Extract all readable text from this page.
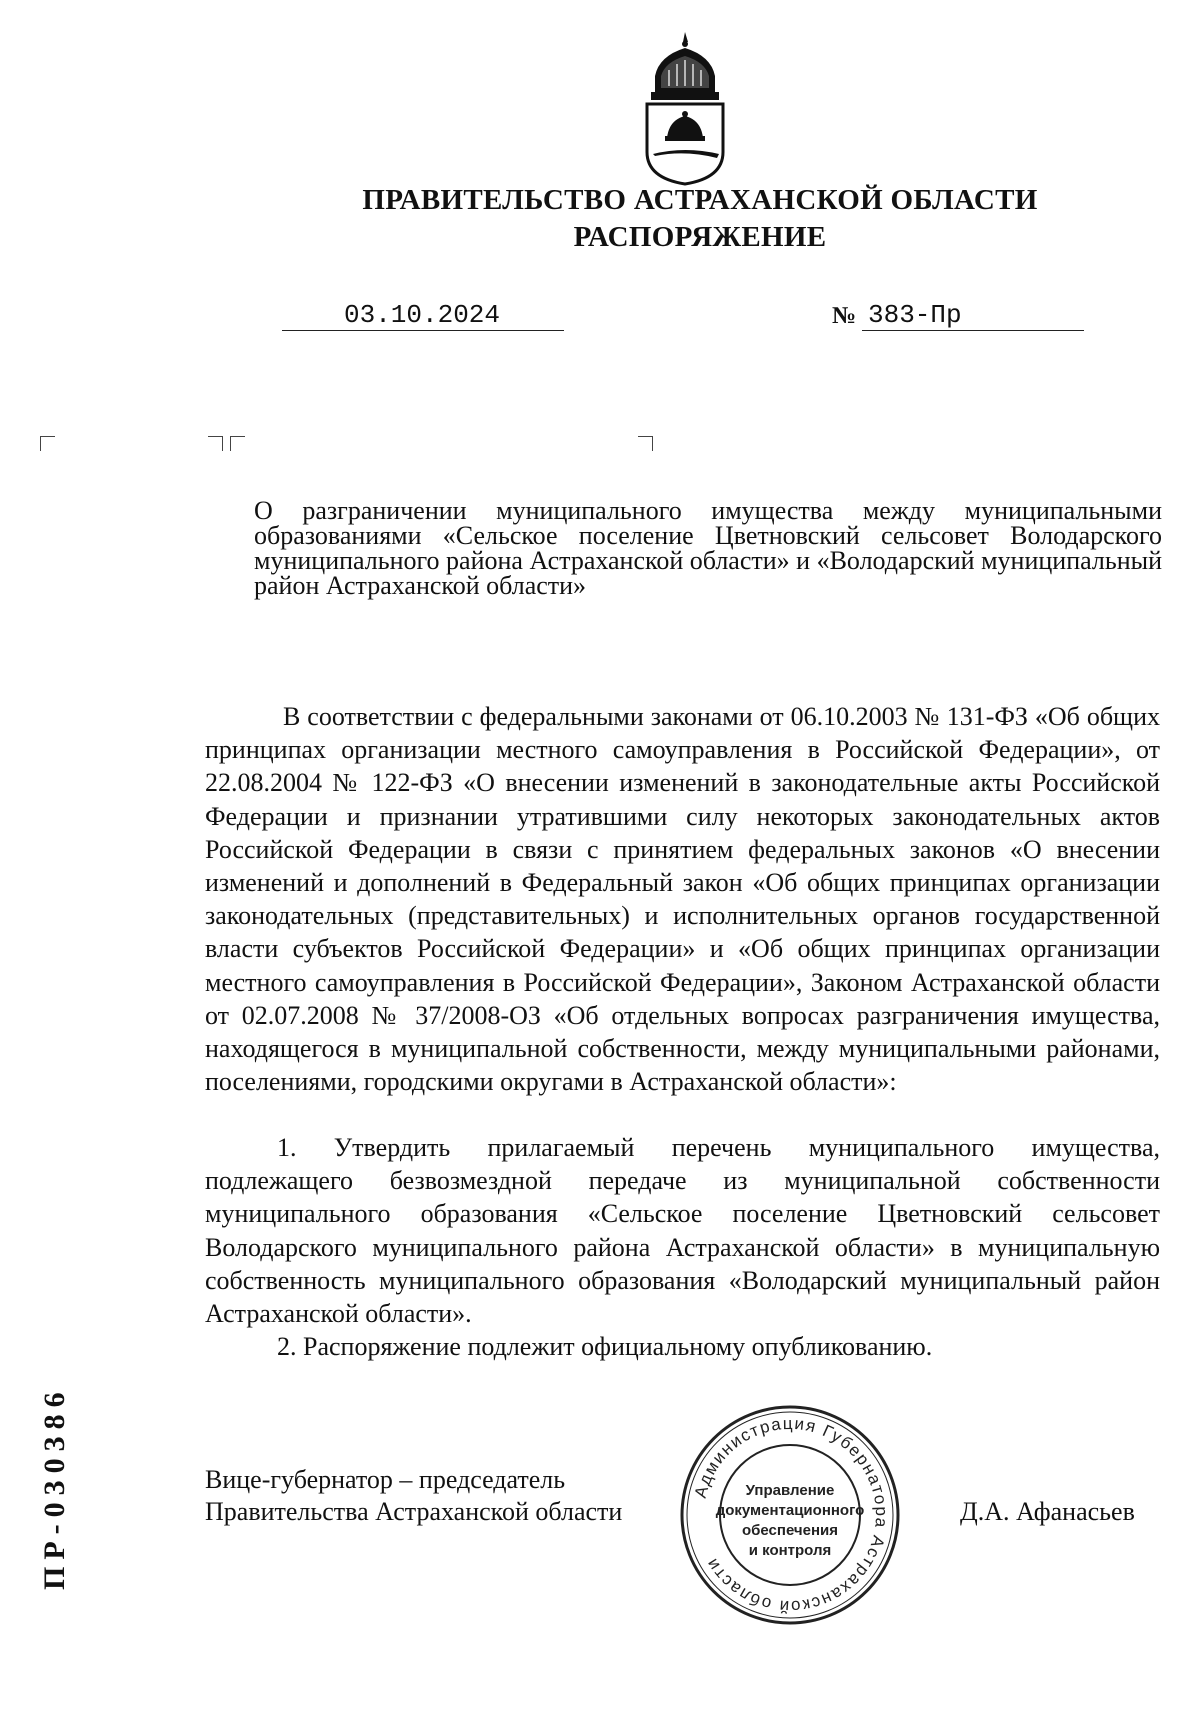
ПРАВИТЕЛЬСТВО АСТРАХАНСКОЙ ОБЛАСТИ
РАСПОРЯЖЕНИЕ
03.10.2024	№ 383-Пр

О разграничении муниципального имущества между муниципальными образованиями «Сельское поселение Цветновский сельсовет Володарского муниципального района Астраханской области» и «Володарский муниципальный район Астраханской области»

В соответствии с федеральными законами от 06.10.2003 № 131-ФЗ «Об общих принципах организации местного самоуправления в Российской Федерации», от 22.08.2004 № 122-ФЗ «О внесении изменений в законодательные акты Российской Федерации и признании утратившими силу некоторых законодательных актов Российской Федерации в связи с принятием федеральных законов «О внесении изменений и дополнений в Федеральный закон «Об общих принципах организации законодательных (представительных) и исполнительных органов государственной власти субъектов Российской Федерации» и «Об общих принципах организации местного самоуправления в Российской Федерации», Законом Астраханской области от 02.07.2008 № 37/2008-ОЗ «Об отдельных вопросах разграничения имущества, находящегося в муниципальной собственности, между муниципальными районами, поселениями, городскими округами в Астраханской области»:
1. Утвердить прилагаемый перечень муниципального имущества, подлежащего безвозмездной передаче из муниципальной собственности муниципального образования «Сельское поселение Цветновский сельсовет Володарского муниципального района Астраханской области» в муниципальную собственность муниципального образования «Володарский муниципальный район Астраханской области».
2. Распоряжение подлежит официальному опубликованию.
Вице-губернатор – председатель
Правительства Астраханской области	Д.А. Афанасьев
Администрация Губернатора Астраханской области
Управление
документационного
обеспечения
и контроля
ПР-030386
